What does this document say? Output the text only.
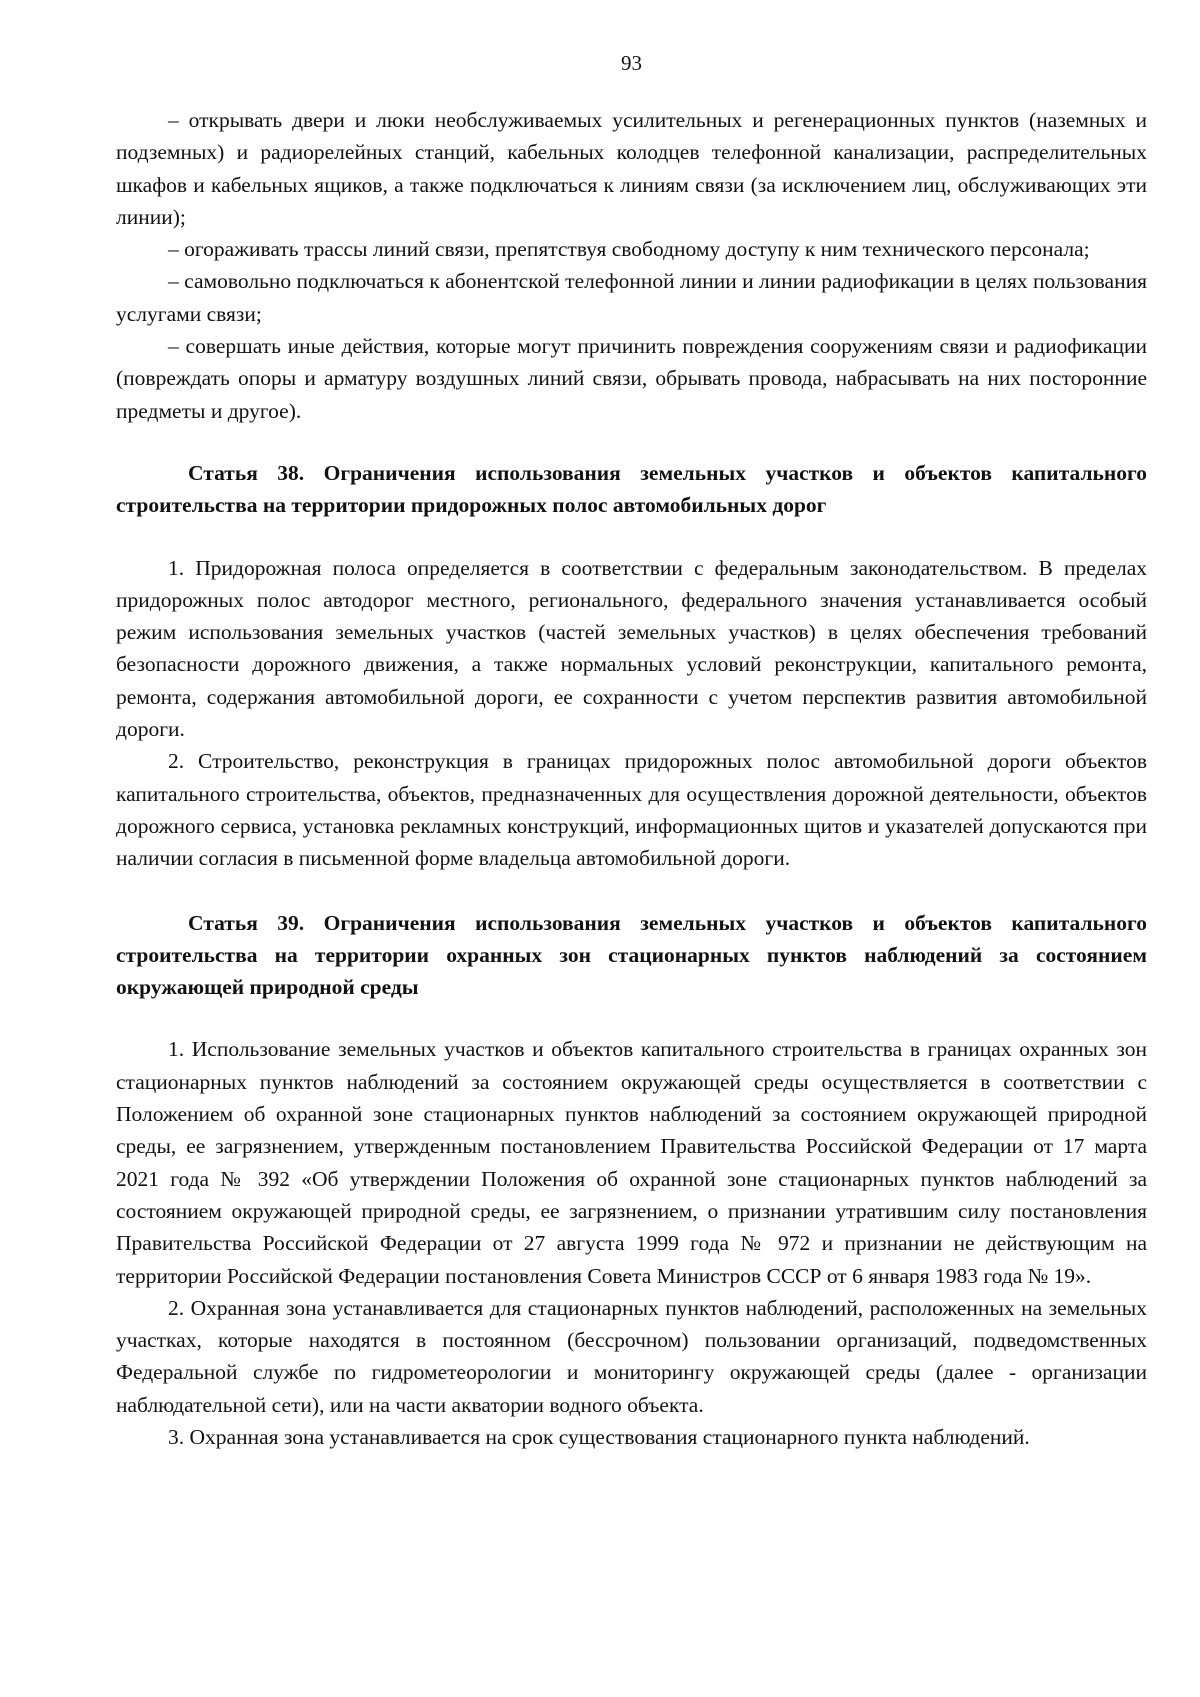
93

– открывать двери и люки необслуживаемых усилительных и регенерационных пунктов (наземных и подземных) и радиорелейных станций, кабельных колодцев телефонной канализации, распределительных шкафов и кабельных ящиков, а также подключаться к линиям связи (за исключением лиц, обслуживающих эти линии);

– огораживать трассы линий связи, препятствуя свободному доступу к ним технического персонала;

– самовольно подключаться к абонентской телефонной линии и линии радиофикации в целях пользования услугами связи;

– совершать иные действия, которые могут причинить повреждения сооружениям связи и радиофикации (повреждать опоры и арматуру воздушных линий связи, обрывать провода, набрасывать на них посторонние предметы и другое).

Статья 38. Ограничения использования земельных участков и объектов капитального строительства на территории придорожных полос автомобильных дорог

1. Придорожная полоса определяется в соответствии с федеральным законодательством. В пределах придорожных полос автодорог местного, регионального, федерального значения устанавливается особый режим использования земельных участков (частей земельных участков) в целях обеспечения требований безопасности дорожного движения, а также нормальных условий реконструкции, капитального ремонта, ремонта, содержания автомобильной дороги, ее сохранности с учетом перспектив развития автомобильной дороги.

2. Строительство, реконструкция в границах придорожных полос автомобильной дороги объектов капитального строительства, объектов, предназначенных для осуществления дорожной деятельности, объектов дорожного сервиса, установка рекламных конструкций, информационных щитов и указателей допускаются при наличии согласия в письменной форме владельца автомобильной дороги.

Статья 39. Ограничения использования земельных участков и объектов капитального строительства на территории охранных зон стационарных пунктов наблюдений за состоянием окружающей природной среды

1. Использование земельных участков и объектов капитального строительства в границах охранных зон стационарных пунктов наблюдений за состоянием окружающей среды осуществляется в соответствии с Положением об охранной зоне стационарных пунктов наблюдений за состоянием окружающей природной среды, ее загрязнением, утвержденным постановлением Правительства Российской Федерации от 17 марта 2021 года № 392 «Об утверждении Положения об охранной зоне стационарных пунктов наблюдений за состоянием окружающей природной среды, ее загрязнением, о признании утратившим силу постановления Правительства Российской Федерации от 27 августа 1999 года № 972 и признании не действующим на территории Российской Федерации постановления Совета Министров СССР от 6 января 1983 года № 19».

2. Охранная зона устанавливается для стационарных пунктов наблюдений, расположенных на земельных участках, которые находятся в постоянном (бессрочном) пользовании организаций, подведомственных Федеральной службе по гидрометеорологии и мониторингу окружающей среды (далее - организации наблюдательной сети), или на части акватории водного объекта.

3. Охранная зона устанавливается на срок существования стационарного пункта наблюдений.
